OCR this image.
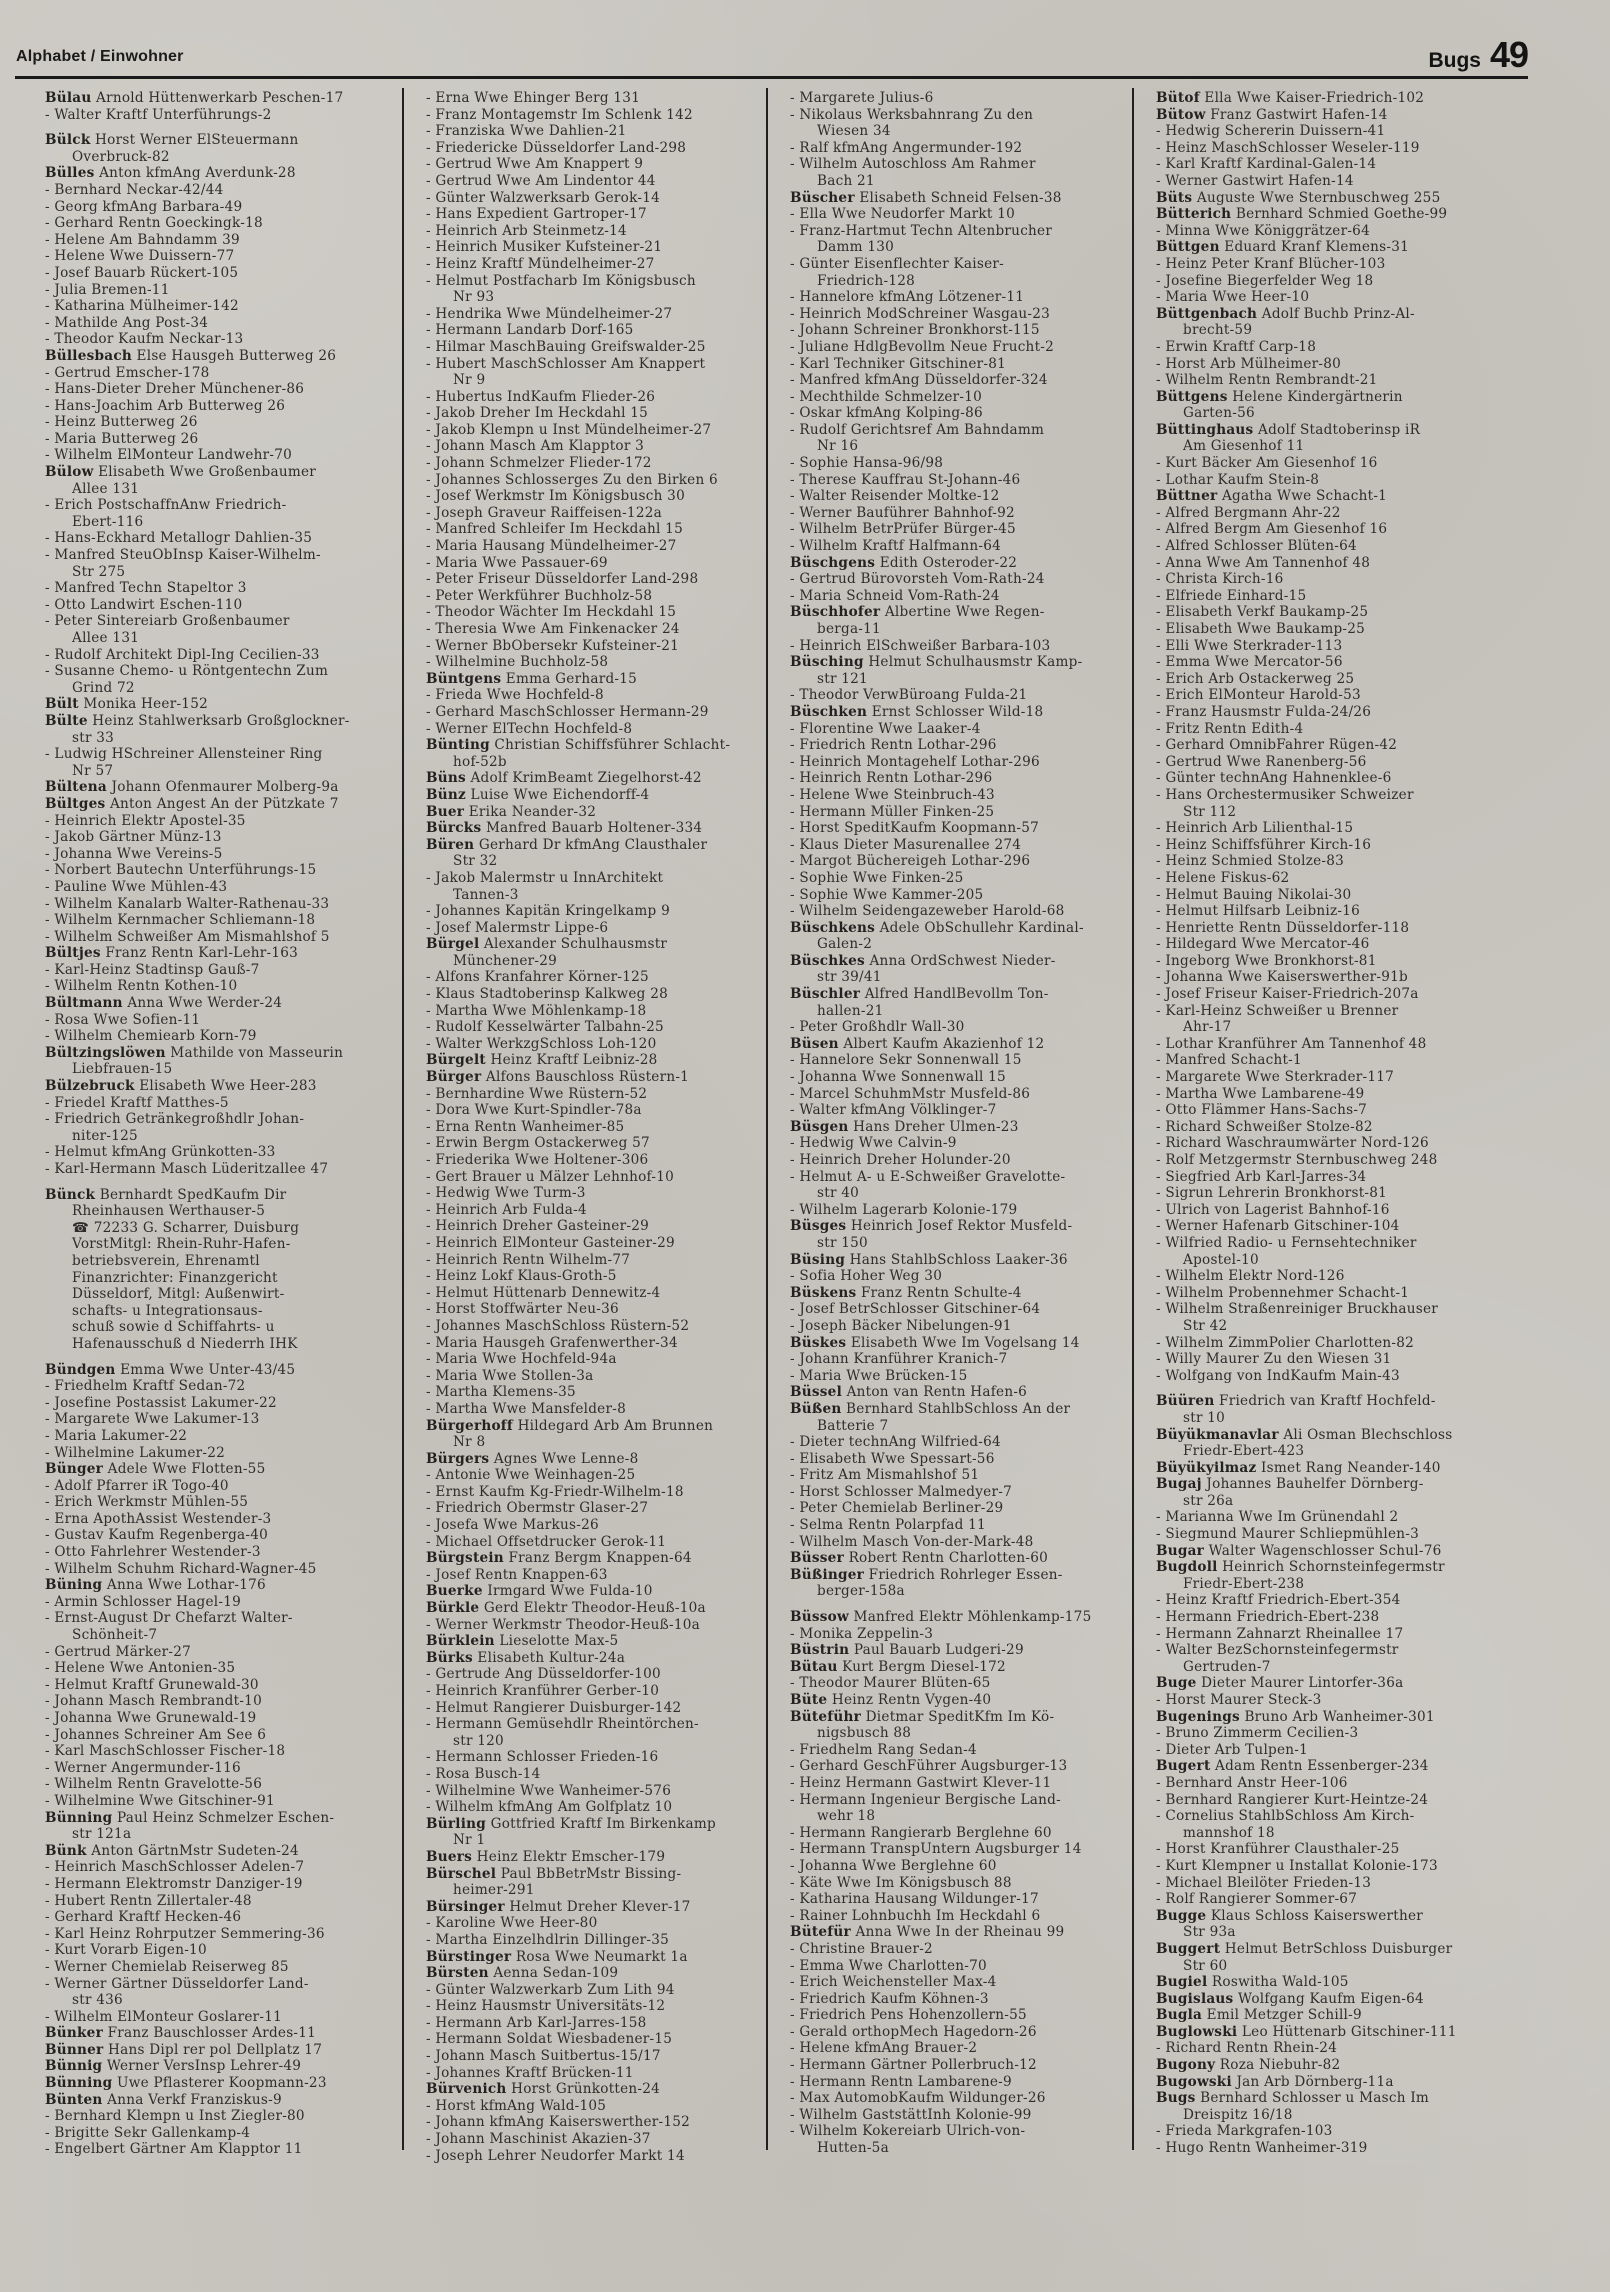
Alphabet / Einwohner	Bugs 49
Bülau Arnold Hüttenwerkarb Peschen-17
- Walter Kraftf Unterführungs-2
Bülck Horst Werner ElSteuermann
Overbruck-82
Bülles Anton kfmAng Averdunk-28
- Bernhard Neckar-42/44
- Georg kfmAng Barbara-49
- Gerhard Rentn Goeckingk-18
- Helene Am Bahndamm 39
- Helene Wwe Duissern-77
- Josef Bauarb Rückert-105
- Julia Bremen-11
- Katharina Mülheimer-142
- Mathilde Ang Post-34
- Theodor Kaufm Neckar-13
Büllesbach Else Hausgeh Butterweg 26
- Gertrud Emscher-178
- Hans-Dieter Dreher Münchener-86
- Hans-Joachim Arb Butterweg 26
- Heinz Butterweg 26
- Maria Butterweg 26
- Wilhelm ElMonteur Landwehr-70
Bülow Elisabeth Wwe Großenbaumer
Allee 131
- Erich PostschaffnAnw Friedrich-
Ebert-116
- Hans-Eckhard Metallogr Dahlien-35
- Manfred SteuObInsp Kaiser-Wilhelm-
Str 275
- Manfred Techn Stapeltor 3
- Otto Landwirt Eschen-110
- Peter Sintereiarb Großenbaumer
Allee 131
- Rudolf Architekt Dipl-Ing Cecilien-33
- Susanne Chemo- u Röntgentechn Zum
Grind 72
Bült Monika Heer-152
Bülte Heinz Stahlwerksarb Großglockner-
str 33
- Ludwig HSchreiner Allensteiner Ring
Nr 57
Bültena Johann Ofenmaurer Molberg-9a
Bültges Anton Angest An der Pützkate 7
- Heinrich Elektr Apostel-35
- Jakob Gärtner Münz-13
- Johanna Wwe Vereins-5
- Norbert Bautechn Unterführungs-15
- Pauline Wwe Mühlen-43
- Wilhelm Kanalarb Walter-Rathenau-33
- Wilhelm Kernmacher Schliemann-18
- Wilhelm Schweißer Am Mismahlshof 5
Bültjes Franz Rentn Karl-Lehr-163
- Karl-Heinz Stadtinsp Gauß-7
- Wilhelm Rentn Kothen-10
Bültmann Anna Wwe Werder-24
- Rosa Wwe Sofien-11
- Wilhelm Chemiearb Korn-79
Bültzingslöwen Mathilde von Masseurin
Liebfrauen-15
Bülzebruck Elisabeth Wwe Heer-283
- Friedel Kraftf Matthes-5
- Friedrich Getränkegroßhdlr Johan-
niter-125
- Helmut kfmAng Grünkotten-33
- Karl-Hermann Masch Lüderitzallee 47
Bünck Bernhardt SpedKaufm Dir
Rheinhausen Werthauser-5
☎ 72233 G. Scharrer, Duisburg
VorstMitgl: Rhein-Ruhr-Hafen-
betriebsverein, Ehrenamtl
Finanzrichter: Finanzgericht
Düsseldorf, Mitgl: Außenwirt-
schafts- u Integrationsaus-
schuß sowie d Schiffahrts- u
Hafenausschuß d Niederrh IHK
Bündgen Emma Wwe Unter-43/45
- Friedhelm Kraftf Sedan-72
- Josefine Postassist Lakumer-22
- Margarete Wwe Lakumer-13
- Maria Lakumer-22
- Wilhelmine Lakumer-22
Bünger Adele Wwe Flotten-55
- Adolf Pfarrer iR Togo-40
- Erich Werkmstr Mühlen-55
- Erna ApothAssist Westender-3
- Gustav Kaufm Regenberga-40
- Otto Fahrlehrer Westender-3
- Wilhelm Schuhm Richard-Wagner-45
Büning Anna Wwe Lothar-176
- Armin Schlosser Hagel-19
- Ernst-August Dr Chefarzt Walter-
Schönheit-7
- Gertrud Märker-27
- Helene Wwe Antonien-35
- Helmut Kraftf Grunewald-30
- Johann Masch Rembrandt-10
- Johanna Wwe Grunewald-19
- Johannes Schreiner Am See 6
- Karl MaschSchlosser Fischer-18
- Werner Angermunder-116
- Wilhelm Rentn Gravelotte-56
- Wilhelmine Wwe Gitschiner-91
Bünning Paul Heinz Schmelzer Eschen-
str 121a
Bünk Anton GärtnMstr Sudeten-24
- Heinrich MaschSchlosser Adelen-7
- Hermann Elektromstr Danziger-19
- Hubert Rentn Zillertaler-48
- Gerhard Kraftf Hecken-46
- Karl Heinz Rohrputzer Semmering-36
- Kurt Vorarb Eigen-10
- Werner Chemielab Reiserweg 85
- Werner Gärtner Düsseldorfer Land-
str 436
- Wilhelm ElMonteur Goslarer-11
Bünker Franz Bauschlosser Ardes-11
Bünner Hans Dipl rer pol Dellplatz 17
Bünnig Werner VersInsp Lehrer-49
Bünning Uwe Pflasterer Koopmann-23
Bünten Anna Verkf Franziskus-9
- Bernhard Klempn u Inst Ziegler-80
- Brigitte Sekr Gallenkamp-4
- Engelbert Gärtner Am Klapptor 11
- Erna Wwe Ehinger Berg 131
- Franz Montagemstr Im Schlenk 142
- Franziska Wwe Dahlien-21
- Friedericke Düsseldorfer Land-298
- Gertrud Wwe Am Knappert 9
- Gertrud Wwe Am Lindentor 44
- Günter Walzwerksarb Gerok-14
- Hans Expedient Gartroper-17
- Heinrich Arb Steinmetz-14
- Heinrich Musiker Kufsteiner-21
- Heinz Kraftf Mündelheimer-27
- Helmut Postfacharb Im Königsbusch
Nr 93
- Hendrika Wwe Mündelheimer-27
- Hermann Landarb Dorf-165
- Hilmar MaschBauing Greifswalder-25
- Hubert MaschSchlosser Am Knappert
Nr 9
- Hubertus IndKaufm Flieder-26
- Jakob Dreher Im Heckdahl 15
- Jakob Klempn u Inst Mündelheimer-27
- Johann Masch Am Klapptor 3
- Johann Schmelzer Flieder-172
- Johannes Schlosserges Zu den Birken 6
- Josef Werkmstr Im Königsbusch 30
- Joseph Graveur Raiffeisen-122a
- Manfred Schleifer Im Heckdahl 15
- Maria Hausang Mündelheimer-27
- Maria Wwe Passauer-69
- Peter Friseur Düsseldorfer Land-298
- Peter Werkführer Buchholz-58
- Theodor Wächter Im Heckdahl 15
- Theresia Wwe Am Finkenacker 24
- Werner BbObersekr Kufsteiner-21
- Wilhelmine Buchholz-58
Büntgens Emma Gerhard-15
- Frieda Wwe Hochfeld-8
- Gerhard MaschSchlosser Hermann-29
- Werner ElTechn Hochfeld-8
Bünting Christian Schiffsführer Schlacht-
hof-52b
Büns Adolf KrimBeamt Ziegelhorst-42
Bünz Luise Wwe Eichendorff-4
Buer Erika Neander-32
Bürcks Manfred Bauarb Holtener-334
Büren Gerhard Dr kfmAng Clausthaler
Str 32
- Jakob Malermstr u InnArchitekt
Tannen-3
- Johannes Kapitän Kringelkamp 9
- Josef Malermstr Lippe-6
Bürgel Alexander Schulhausmstr
Münchener-29
- Alfons Kranfahrer Körner-125
- Klaus Stadtoberinsp Kalkweg 28
- Martha Wwe Möhlenkamp-18
- Rudolf Kesselwärter Talbahn-25
- Walter WerkzgSchloss Loh-120
Bürgelt Heinz Kraftf Leibniz-28
Bürger Alfons Bauschloss Rüstern-1
- Bernhardine Wwe Rüstern-52
- Dora Wwe Kurt-Spindler-78a
- Erna Rentn Wanheimer-85
- Erwin Bergm Ostackerweg 57
- Friederika Wwe Holtener-306
- Gert Brauer u Mälzer Lehnhof-10
- Hedwig Wwe Turm-3
- Heinrich Arb Fulda-4
- Heinrich Dreher Gasteiner-29
- Heinrich ElMonteur Gasteiner-29
- Heinrich Rentn Wilhelm-77
- Heinz Lokf Klaus-Groth-5
- Helmut Hüttenarb Dennewitz-4
- Horst Stoffwärter Neu-36
- Johannes MaschSchloss Rüstern-52
- Maria Hausgeh Grafenwerther-34
- Maria Wwe Hochfeld-94a
- Maria Wwe Stollen-3a
- Martha Klemens-35
- Martha Wwe Mansfelder-8
Bürgerhoff Hildegard Arb Am Brunnen
Nr 8
Bürgers Agnes Wwe Lenne-8
- Antonie Wwe Weinhagen-25
- Ernst Kaufm Kg-Friedr-Wilhelm-18
- Friedrich Obermstr Glaser-27
- Josefa Wwe Markus-26
- Michael Offsetdrucker Gerok-11
Bürgstein Franz Bergm Knappen-64
- Josef Rentn Knappen-63
Buerke Irmgard Wwe Fulda-10
Bürkle Gerd Elektr Theodor-Heuß-10a
- Werner Werkmstr Theodor-Heuß-10a
Bürklein Lieselotte Max-5
Bürks Elisabeth Kultur-24a
- Gertrude Ang Düsseldorfer-100
- Heinrich Kranführer Gerber-10
- Helmut Rangierer Duisburger-142
- Hermann Gemüsehdlr Rheintörchen-
str 120
- Hermann Schlosser Frieden-16
- Rosa Busch-14
- Wilhelmine Wwe Wanheimer-576
- Wilhelm kfmAng Am Golfplatz 10
Bürling Gottfried Kraftf Im Birkenkamp
Nr 1
Buers Heinz Elektr Emscher-179
Bürschel Paul BbBetrMstr Bissing-
heimer-291
Bürsinger Helmut Dreher Klever-17
- Karoline Wwe Heer-80
- Martha Einzelhdlrin Dillinger-35
Bürstinger Rosa Wwe Neumarkt 1a
Bürsten Aenna Sedan-109
- Günter Walzwerkarb Zum Lith 94
- Heinz Hausmstr Universitäts-12
- Hermann Arb Karl-Jarres-158
- Hermann Soldat Wiesbadener-15
- Johann Masch Suitbertus-15/17
- Johannes Kraftf Brücken-11
Bürvenich Horst Grünkotten-24
- Horst kfmAng Wald-105
- Johann kfmAng Kaiserswerther-152
- Johann Maschinist Akazien-37
- Joseph Lehrer Neudorfer Markt 14
- Margarete Julius-6
- Nikolaus Werksbahnrang Zu den
Wiesen 34
- Ralf kfmAng Angermunder-192
- Wilhelm Autoschloss Am Rahmer
Bach 21
Büscher Elisabeth Schneid Felsen-38
- Ella Wwe Neudorfer Markt 10
- Franz-Hartmut Techn Altenbrucher
Damm 130
- Günter Eisenflechter Kaiser-
Friedrich-128
- Hannelore kfmAng Lötzener-11
- Heinrich ModSchreiner Wasgau-23
- Johann Schreiner Bronkhorst-115
- Juliane HdlgBevollm Neue Frucht-2
- Karl Techniker Gitschiner-81
- Manfred kfmAng Düsseldorfer-324
- Mechthilde Schmelzer-10
- Oskar kfmAng Kolping-86
- Rudolf Gerichtsref Am Bahndamm
Nr 16
- Sophie Hansa-96/98
- Therese Kauffrau St-Johann-46
- Walter Reisender Moltke-12
- Werner Bauführer Bahnhof-92
- Wilhelm BetrPrüfer Bürger-45
- Wilhelm Kraftf Halfmann-64
Büschgens Edith Osteroder-22
- Gertrud Bürovorsteh Vom-Rath-24
- Maria Schneid Vom-Rath-24
Büschhofer Albertine Wwe Regen-
berga-11
- Heinrich ElSchweißer Barbara-103
Büsching Helmut Schulhausmstr Kamp-
str 121
- Theodor VerwBüroang Fulda-21
Büschken Ernst Schlosser Wild-18
- Florentine Wwe Laaker-4
- Friedrich Rentn Lothar-296
- Heinrich Montagehelf Lothar-296
- Heinrich Rentn Lothar-296
- Helene Wwe Steinbruch-43
- Hermann Müller Finken-25
- Horst SpeditKaufm Koopmann-57
- Klaus Dieter Masurenallee 274
- Margot Büchereigeh Lothar-296
- Sophie Wwe Finken-25
- Sophie Wwe Kammer-205
- Wilhelm Seidengazeweber Harold-68
Büschkens Adele ObSchullehr Kardinal-
Galen-2
Büschkes Anna OrdSchwest Nieder-
str 39/41
Büschler Alfred HandlBevollm Ton-
hallen-21
- Peter Großhdlr Wall-30
Büsen Albert Kaufm Akazienhof 12
- Hannelore Sekr Sonnenwall 15
- Johanna Wwe Sonnenwall 15
- Marcel SchuhmMstr Musfeld-86
- Walter kfmAng Völklinger-7
Büsgen Hans Dreher Ulmen-23
- Hedwig Wwe Calvin-9
- Heinrich Dreher Holunder-20
- Helmut A- u E-Schweißer Gravelotte-
str 40
- Wilhelm Lagerarb Kolonie-179
Büsges Heinrich Josef Rektor Musfeld-
str 150
Büsing Hans StahlbSchloss Laaker-36
- Sofia Hoher Weg 30
Büskens Franz Rentn Schulte-4
- Josef BetrSchlosser Gitschiner-64
- Joseph Bäcker Nibelungen-91
Büskes Elisabeth Wwe Im Vogelsang 14
- Johann Kranführer Kranich-7
- Maria Wwe Brücken-15
Büssel Anton van Rentn Hafen-6
Büßen Bernhard StahlbSchloss An der
Batterie 7
- Dieter technAng Wilfried-64
- Elisabeth Wwe Spessart-56
- Fritz Am Mismahlshof 51
- Horst Schlosser Malmedyer-7
- Peter Chemielab Berliner-29
- Selma Rentn Polarpfad 11
- Wilhelm Masch Von-der-Mark-48
Büsser Robert Rentn Charlotten-60
Büßinger Friedrich Rohrleger Essen-
berger-158a
Büssow Manfred Elektr Möhlenkamp-175
- Monika Zeppelin-3
Büstrin Paul Bauarb Ludgeri-29
Bütau Kurt Bergm Diesel-172
- Theodor Maurer Blüten-65
Büte Heinz Rentn Vygen-40
Büteführ Dietmar SpeditKfm Im Kö-
nigsbusch 88
- Friedhelm Rang Sedan-4
- Gerhard GeschFührer Augsburger-13
- Heinz Hermann Gastwirt Klever-11
- Hermann Ingenieur Bergische Land-
wehr 18
- Hermann Rangierarb Berglehne 60
- Hermann TranspUntern Augsburger 14
- Johanna Wwe Berglehne 60
- Käte Wwe Im Königsbusch 88
- Katharina Hausang Wildunger-17
- Rainer Lohnbuchh Im Heckdahl 6
Bütefür Anna Wwe In der Rheinau 99
- Christine Brauer-2
- Emma Wwe Charlotten-70
- Erich Weichensteller Max-4
- Friedrich Kaufm Köhnen-3
- Friedrich Pens Hohenzollern-55
- Gerald orthopMech Hagedorn-26
- Helene kfmAng Brauer-2
- Hermann Gärtner Pollerbruch-12
- Hermann Rentn Lambarene-9
- Max AutomobKaufm Wildunger-26
- Wilhelm GaststättInh Kolonie-99
- Wilhelm Kokereiarb Ulrich-von-
Hutten-5a
Bütof Ella Wwe Kaiser-Friedrich-102
Bütow Franz Gastwirt Hafen-14
- Hedwig Schererin Duissern-41
- Heinz MaschSchlosser Weseler-119
- Karl Kraftf Kardinal-Galen-14
- Werner Gastwirt Hafen-14
Büts Auguste Wwe Sternbuschweg 255
Bütterich Bernhard Schmied Goethe-99
- Minna Wwe Königgrätzer-64
Büttgen Eduard Kranf Klemens-31
- Heinz Peter Kranf Blücher-103
- Josefine Biegerfelder Weg 18
- Maria Wwe Heer-10
Büttgenbach Adolf Buchb Prinz-Al-
brecht-59
- Erwin Kraftf Carp-18
- Horst Arb Mülheimer-80
- Wilhelm Rentn Rembrandt-21
Büttgens Helene Kindergärtnerin
Garten-56
Büttinghaus Adolf Stadtoberinsp iR
Am Giesenhof 11
- Kurt Bäcker Am Giesenhof 16
- Lothar Kaufm Stein-8
Büttner Agatha Wwe Schacht-1
- Alfred Bergmann Ahr-22
- Alfred Bergm Am Giesenhof 16
- Alfred Schlosser Blüten-64
- Anna Wwe Am Tannenhof 48
- Christa Kirch-16
- Elfriede Einhard-15
- Elisabeth Verkf Baukamp-25
- Elisabeth Wwe Baukamp-25
- Elli Wwe Sterkrader-113
- Emma Wwe Mercator-56
- Erich Arb Ostackerweg 25
- Erich ElMonteur Harold-53
- Franz Hausmstr Fulda-24/26
- Fritz Rentn Edith-4
- Gerhard OmnibFahrer Rügen-42
- Gertrud Wwe Ranenberg-56
- Günter technAng Hahnenklee-6
- Hans Orchestermusiker Schweizer
Str 112
- Heinrich Arb Lilienthal-15
- Heinz Schiffsführer Kirch-16
- Heinz Schmied Stolze-83
- Helene Fiskus-62
- Helmut Bauing Nikolai-30
- Helmut Hilfsarb Leibniz-16
- Henriette Rentn Düsseldorfer-118
- Hildegard Wwe Mercator-46
- Ingeborg Wwe Bronkhorst-81
- Johanna Wwe Kaiserswerther-91b
- Josef Friseur Kaiser-Friedrich-207a
- Karl-Heinz Schweißer u Brenner
Ahr-17
- Lothar Kranführer Am Tannenhof 48
- Manfred Schacht-1
- Margarete Wwe Sterkrader-117
- Martha Wwe Lambarene-49
- Otto Flämmer Hans-Sachs-7
- Richard Schweißer Stolze-82
- Richard Waschraumwärter Nord-126
- Rolf Metzgermstr Sternbuschweg 248
- Siegfried Arb Karl-Jarres-34
- Sigrun Lehrerin Bronkhorst-81
- Ulrich von Lagerist Bahnhof-16
- Werner Hafenarb Gitschiner-104
- Wilfried Radio- u Fernsehtechniker
Apostel-10
- Wilhelm Elektr Nord-126
- Wilhelm Probennehmer Schacht-1
- Wilhelm Straßenreiniger Bruckhauser
Str 42
- Wilhelm ZimmPolier Charlotten-82
- Willy Maurer Zu den Wiesen 31
- Wolfgang von IndKaufm Main-43
Büüren Friedrich van Kraftf Hochfeld-
str 10
Büyükmanavlar Ali Osman Blechschloss
Friedr-Ebert-423
Büyükyilmaz Ismet Rang Neander-140
Bugaj Johannes Bauhelfer Dörnberg-
str 26a
- Marianna Wwe Im Grünendahl 2
- Siegmund Maurer Schliepmühlen-3
Bugar Walter Wagenschlosser Schul-76
Bugdoll Heinrich Schornsteinfegermstr
Friedr-Ebert-238
- Heinz Kraftf Friedrich-Ebert-354
- Hermann Friedrich-Ebert-238
- Hermann Zahnarzt Rheinallee 17
- Walter BezSchornsteinfegermstr
Gertruden-7
Buge Dieter Maurer Lintorfer-36a
- Horst Maurer Steck-3
Bugenings Bruno Arb Wanheimer-301
- Bruno Zimmerm Cecilien-3
- Dieter Arb Tulpen-1
Bugert Adam Rentn Essenberger-234
- Bernhard Anstr Heer-106
- Bernhard Rangierer Kurt-Heintze-24
- Cornelius StahlbSchloss Am Kirch-
mannshof 18
- Horst Kranführer Clausthaler-25
- Kurt Klempner u Installat Kolonie-173
- Michael Bleilöter Frieden-13
- Rolf Rangierer Sommer-67
Bugge Klaus Schloss Kaiserswerther
Str 93a
Buggert Helmut BetrSchloss Duisburger
Str 60
Bugiel Roswitha Wald-105
Bugislaus Wolfgang Kaufm Eigen-64
Bugla Emil Metzger Schill-9
Buglowski Leo Hüttenarb Gitschiner-111
- Richard Rentn Rhein-24
Bugony Roza Niebuhr-82
Bugowski Jan Arb Dörnberg-11a
Bugs Bernhard Schlosser u Masch Im
Dreispitz 16/18
- Frieda Markgrafen-103
- Hugo Rentn Wanheimer-319
